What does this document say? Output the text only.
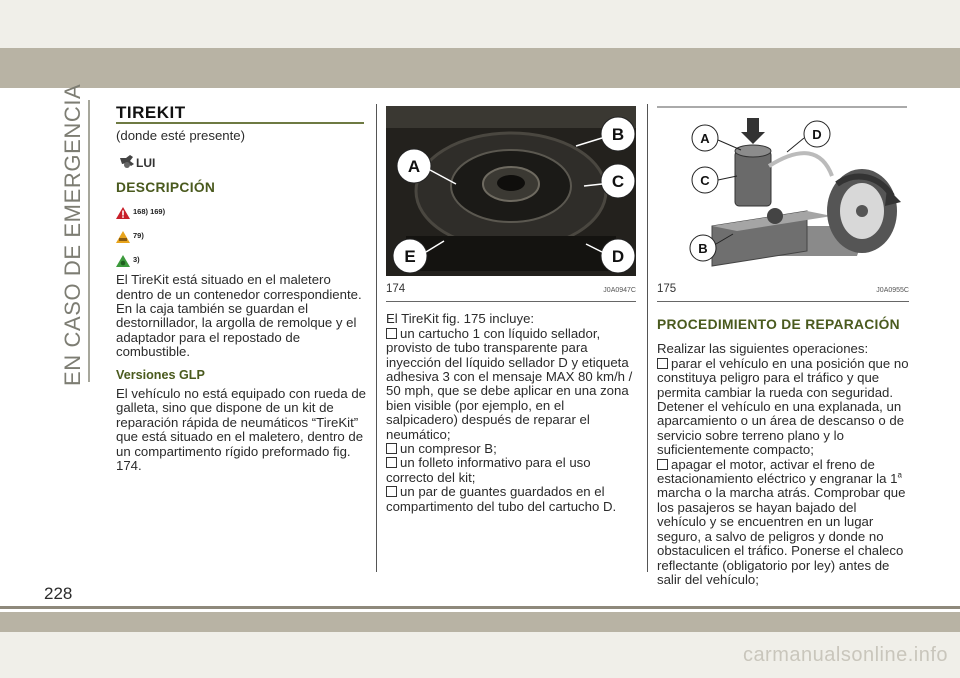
EN CASO DE EMERGENCIA TIREKIT
(donde esté presente)
LUI
DESCRIPCIÓN
168) 169)
79)
3)
El TireKit está situado en el maletero dentro de un contenedor correspondiente. En la caja también se guardan el destornillador, la argolla de remolque y el adaptador para el repostado de combustible.
Versiones GLP
El vehículo no está equipado con rueda de galleta, sino que dispone de un kit de reparación rápida de neumáticos “TireKit” que está situado en el maletero, dentro de un compartimento rígido preformado fig. 174.
A
B
C
E	D
174	J0A0947C
El TireKit fig. 175 incluye:
un cartucho 1 con líquido sellador, provisto de tubo transparente para inyección del líquido sellador D y etiqueta adhesiva 3 con el mensaje MAX 80 km/h / 50 mph, que se debe aplicar en una zona bien visible (por ejemplo, en el salpicadero) después de reparar el neumático;
un compresor B;
un folleto informativo para el uso correcto del kit;
un par de guantes guardados en el compartimento del tubo del cartucho D.
A	D
C
B
175	J0A0955C
PROCEDIMIENTO DE REPARACIÓN
Realizar las siguientes operaciones:
parar el vehículo en una posición que no constituya peligro para el tráfico y que permita cambiar la rueda con seguridad. Detener el vehículo en una explanada, un aparcamiento o un área de descanso o de servicio sobre terreno plano y lo suficientemente compacto;
apagar el motor, activar el freno de estacionamiento eléctrico y engranar la 1$^a$ marcha o la marcha atrás. Comprobar que los pasajeros se hayan bajado del vehículo y se encuentren en un lugar seguro, a salvo de peligros y donde no obstaculicen el tráfico. Ponerse el chaleco reflectante (obligatorio por ley) antes de salir del vehículo;
228
carmanualsonline.info
